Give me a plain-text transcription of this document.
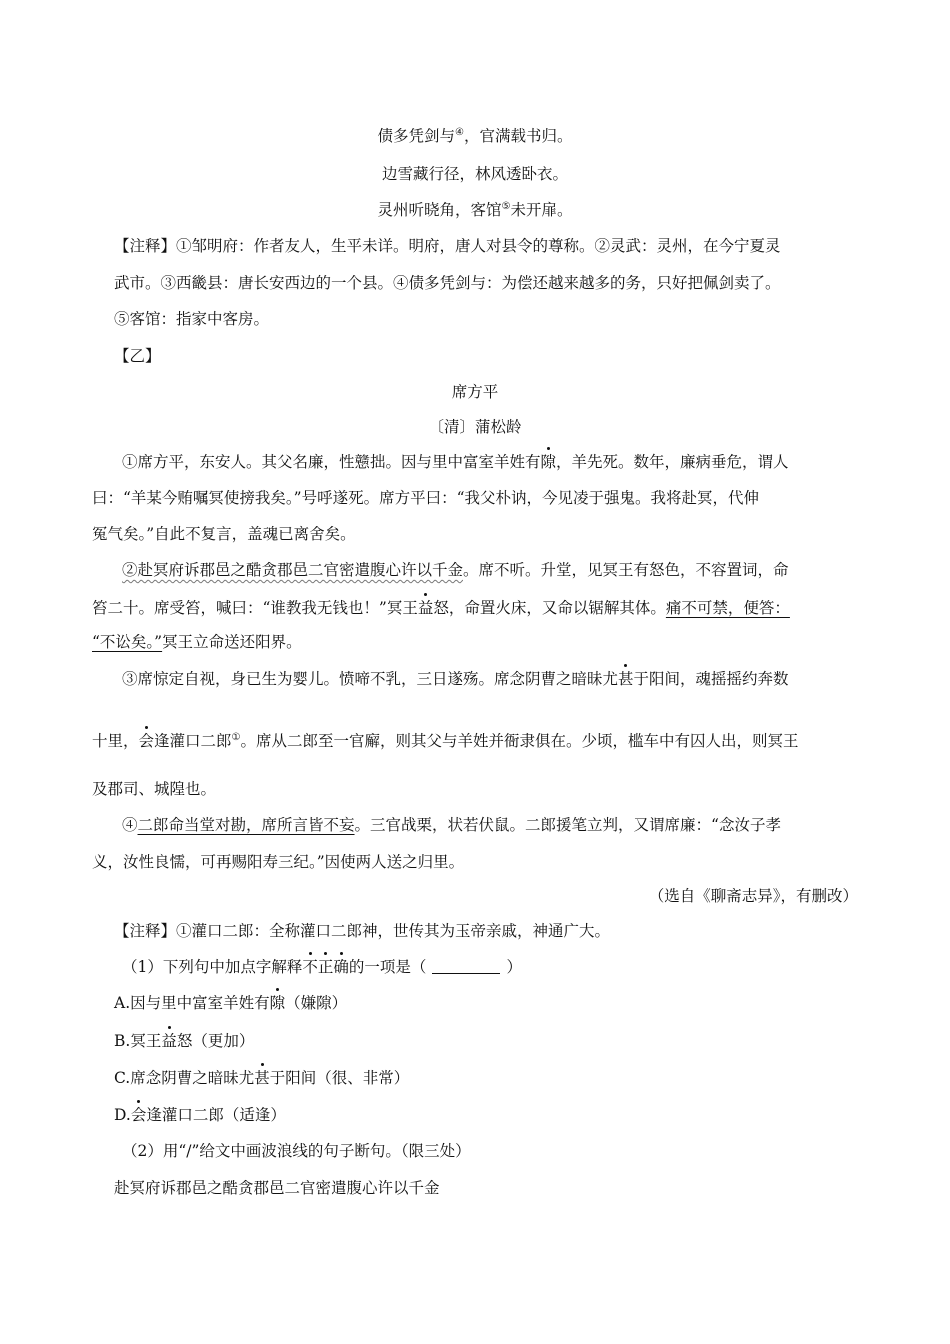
债多凭剑与④，官满载书归。
边雪藏行径，林风透卧衣。
灵州听晓角，客馆⑤未开扉。
【注释】①邹明府：作者友人，生平未详。明府，唐人对县令的尊称。②灵武：灵州，在今宁夏灵
武市。③西畿县：唐长安西边的一个县。④债多凭剑与：为偿还越来越多的务，只好把佩剑卖了。
⑤客馆：指家中客房。
【乙】
席方平
〔清〕蒲松龄
①席方平，东安人。其父名廉，性戆拙。因与里中富室羊姓有隙，羊先死。数年，廉病垂危，谓人
曰：“羊某今贿嘱冥使搒我矣。”号呼遂死。席方平曰：“我父朴讷，今见凌于强鬼。我将赴冥，代伸
冤气矣。”自此不复言，盖魂已离舍矣。
②赴冥府诉郡邑之酷贪郡邑二官密遣腹心许以千金。席不听。升堂，见冥王有怒色，不容置词，命
笞二十。席受笞，喊曰：“谁教我无钱也！”冥王益怒，命置火床，又命以锯解其体。痛不可禁，便答：
“不讼矣。”冥王立命送还阳界。
③席惊定自视，身已生为婴儿。愤啼不乳，三日遂殇。席念阴曹之暗昧尤甚于阳间，魂摇摇约奔数
十里，会逢灌口二郎①。席从二郎至一官廨，则其父与羊姓并衙隶俱在。少顷，槛车中有囚人出，则冥王
及郡司、城隍也。
④二郎命当堂对勘，席所言皆不妄。三官战栗，状若伏鼠。二郎援笔立判，又谓席廉：“念汝子孝
义，汝性良懦，可再赐阳寿三纪。”因使两人送之归里。
（选自《聊斋志异》，有删改）
【注释】①灌口二郎：全称灌口二郎神，世传其为玉帝亲戚，神通广大。
（1）下列句中加点字解释不正确的一项是（	）
A.因与里中富室羊姓有隙（嫌隙）
B.冥王益怒（更加）
C.席念阴曹之暗昧尤甚于阳间（很、非常）
D.会逢灌口二郎（适逢）
（2）用“/”给文中画波浪线的句子断句。（限三处）
赴冥府诉郡邑之酷贪郡邑二官密遣腹心许以千金
